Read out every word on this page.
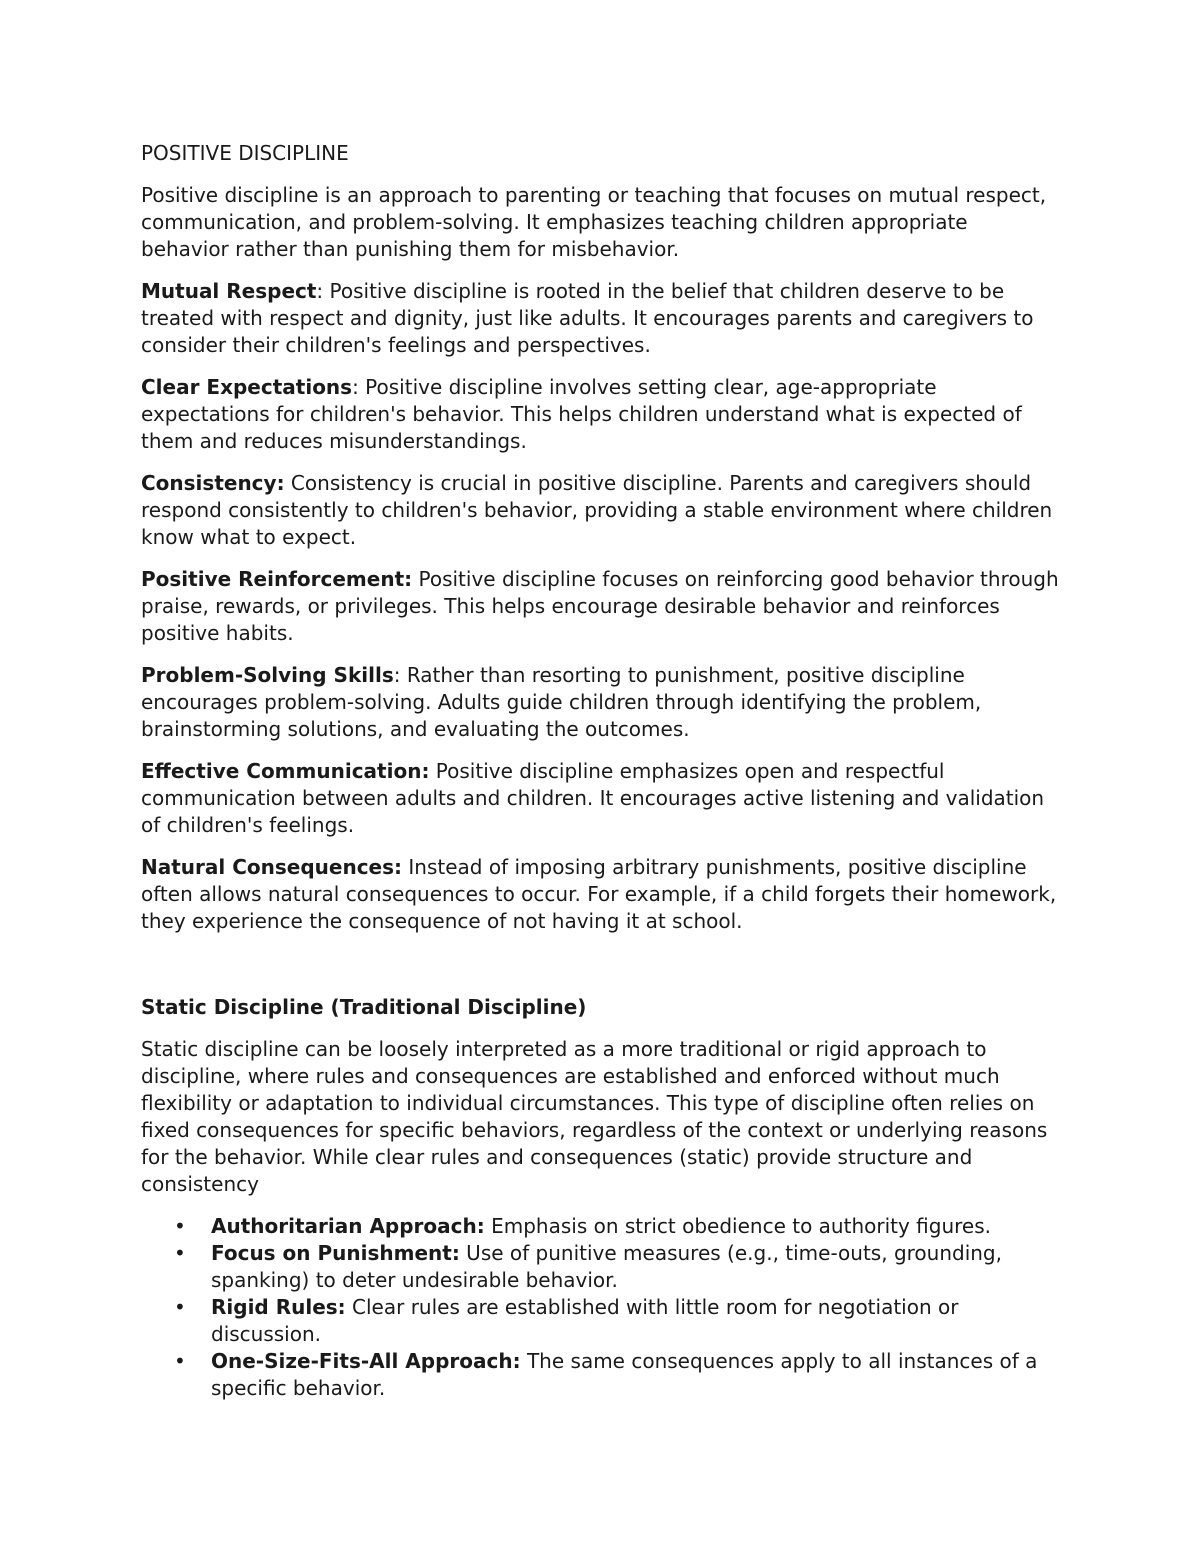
POSITIVE DISCIPLINE

Positive discipline is an approach to parenting or teaching that focuses on mutual respect, communication, and problem-solving. It emphasizes teaching children appropriate behavior rather than punishing them for misbehavior.

Mutual Respect: Positive discipline is rooted in the belief that children deserve to be treated with respect and dignity, just like adults. It encourages parents and caregivers to consider their children's feelings and perspectives.

Clear Expectations: Positive discipline involves setting clear, age-appropriate expectations for children's behavior. This helps children understand what is expected of them and reduces misunderstandings.

Consistency: Consistency is crucial in positive discipline. Parents and caregivers should respond consistently to children's behavior, providing a stable environment where children know what to expect.

Positive Reinforcement: Positive discipline focuses on reinforcing good behavior through praise, rewards, or privileges. This helps encourage desirable behavior and reinforces positive habits.

Problem-Solving Skills: Rather than resorting to punishment, positive discipline encourages problem-solving. Adults guide children through identifying the problem, brainstorming solutions, and evaluating the outcomes.

Effective Communication: Positive discipline emphasizes open and respectful communication between adults and children. It encourages active listening and validation of children's feelings.

Natural Consequences: Instead of imposing arbitrary punishments, positive discipline often allows natural consequences to occur. For example, if a child forgets their homework, they experience the consequence of not having it at school.

Static Discipline (Traditional Discipline)

Static discipline can be loosely interpreted as a more traditional or rigid approach to discipline, where rules and consequences are established and enforced without much flexibility or adaptation to individual circumstances. This type of discipline often relies on fixed consequences for specific behaviors, regardless of the context or underlying reasons for the behavior. While clear rules and consequences (static) provide structure and consistency

• Authoritarian Approach: Emphasis on strict obedience to authority figures.
• Focus on Punishment: Use of punitive measures (e.g., time-outs, grounding, spanking) to deter undesirable behavior.
• Rigid Rules: Clear rules are established with little room for negotiation or discussion.
• One-Size-Fits-All Approach: The same consequences apply to all instances of a specific behavior.
